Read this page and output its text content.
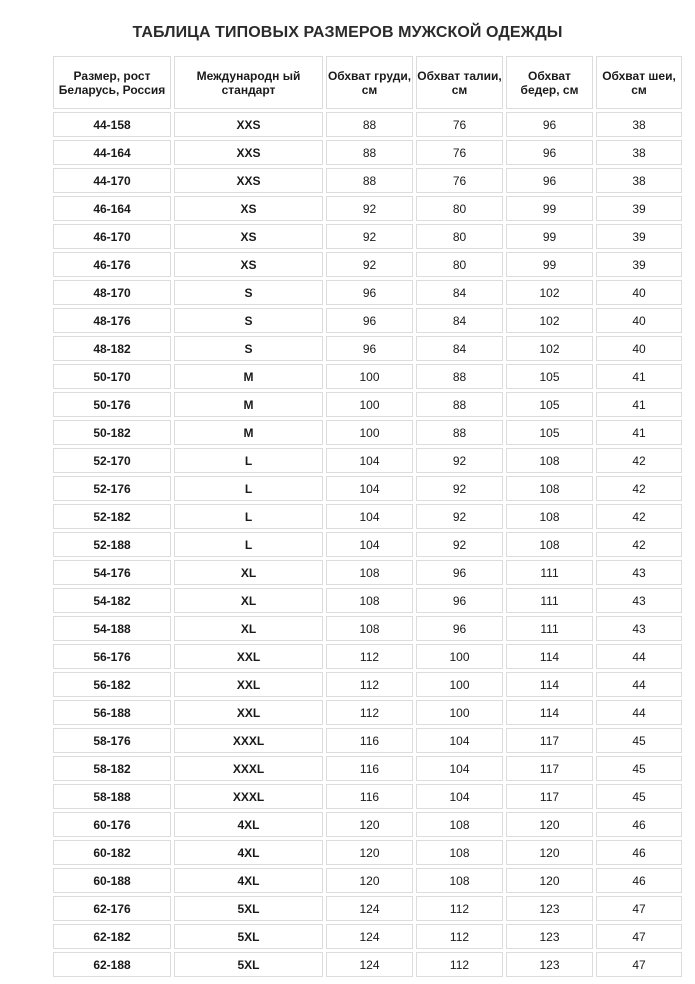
ТАБЛИЦА ТИПОВЫХ РАЗМЕРОВ МУЖСКОЙ ОДЕЖДЫ
Размер, рост Беларусь, Россия	Международн ый стандарт	Обхват груди, см	Обхват талии, см	Обхват бедер, см	Обхват шеи, см
44-158	XXS	88	76	96	38
44-164	XXS	88	76	96	38
44-170	XXS	88	76	96	38
46-164	XS	92	80	99	39
46-170	XS	92	80	99	39
46-176	XS	92	80	99	39
48-170	S	96	84	102	40
48-176	S	96	84	102	40
48-182	S	96	84	102	40
50-170	M	100	88	105	41
50-176	M	100	88	105	41
50-182	M	100	88	105	41
52-170	L	104	92	108	42
52-176	L	104	92	108	42
52-182	L	104	92	108	42
52-188	L	104	92	108	42
54-176	XL	108	96	111	43
54-182	XL	108	96	111	43
54-188	XL	108	96	111	43
56-176	XXL	112	100	114	44
56-182	XXL	112	100	114	44
56-188	XXL	112	100	114	44
58-176	XXXL	116	104	117	45
58-182	XXXL	116	104	117	45
58-188	XXXL	116	104	117	45
60-176	4XL	120	108	120	46
60-182	4XL	120	108	120	46
60-188	4XL	120	108	120	46
62-176	5XL	124	112	123	47
62-182	5XL	124	112	123	47
62-188	5XL	124	112	123	47
